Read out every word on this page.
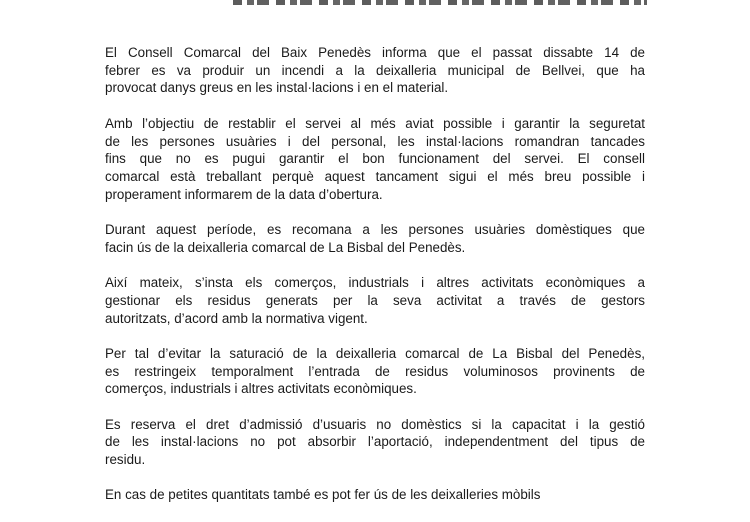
El Consell Comarcal del Baix Penedès informa que el passat dissabte 14 de
febrer es va produir un incendi a la deixalleria municipal de Bellvei, que ha
provocat danys greus en les instal·lacions i en el material.
Amb l’objectiu de restablir el servei al més aviat possible i garantir la seguretat
de les persones usuàries i del personal, les instal·lacions romandran tancades
fins que no es pugui garantir el bon funcionament del servei. El consell
comarcal està treballant perquè aquest tancament sigui el més breu possible i
properament informarem de la data d’obertura.
Durant aquest període, es recomana a les persones usuàries domèstiques que
facin ús de la deixalleria comarcal de La Bisbal del Penedès.
Així mateix, s’insta els comerços, industrials i altres activitats econòmiques a
gestionar els residus generats per la seva activitat a través de gestors
autoritzats, d’acord amb la normativa vigent.
Per tal d’evitar la saturació de la deixalleria comarcal de La Bisbal del Penedès,
es restringeix temporalment l’entrada de residus voluminosos provinents de
comerços, industrials i altres activitats econòmiques.
Es reserva el dret d’admissió d’usuaris no domèstics si la capacitat i la gestió
de les instal·lacions no pot absorbir l’aportació, independentment del tipus de
residu.
En cas de petites quantitats també es pot fer ús de les deixalleries mòbils
